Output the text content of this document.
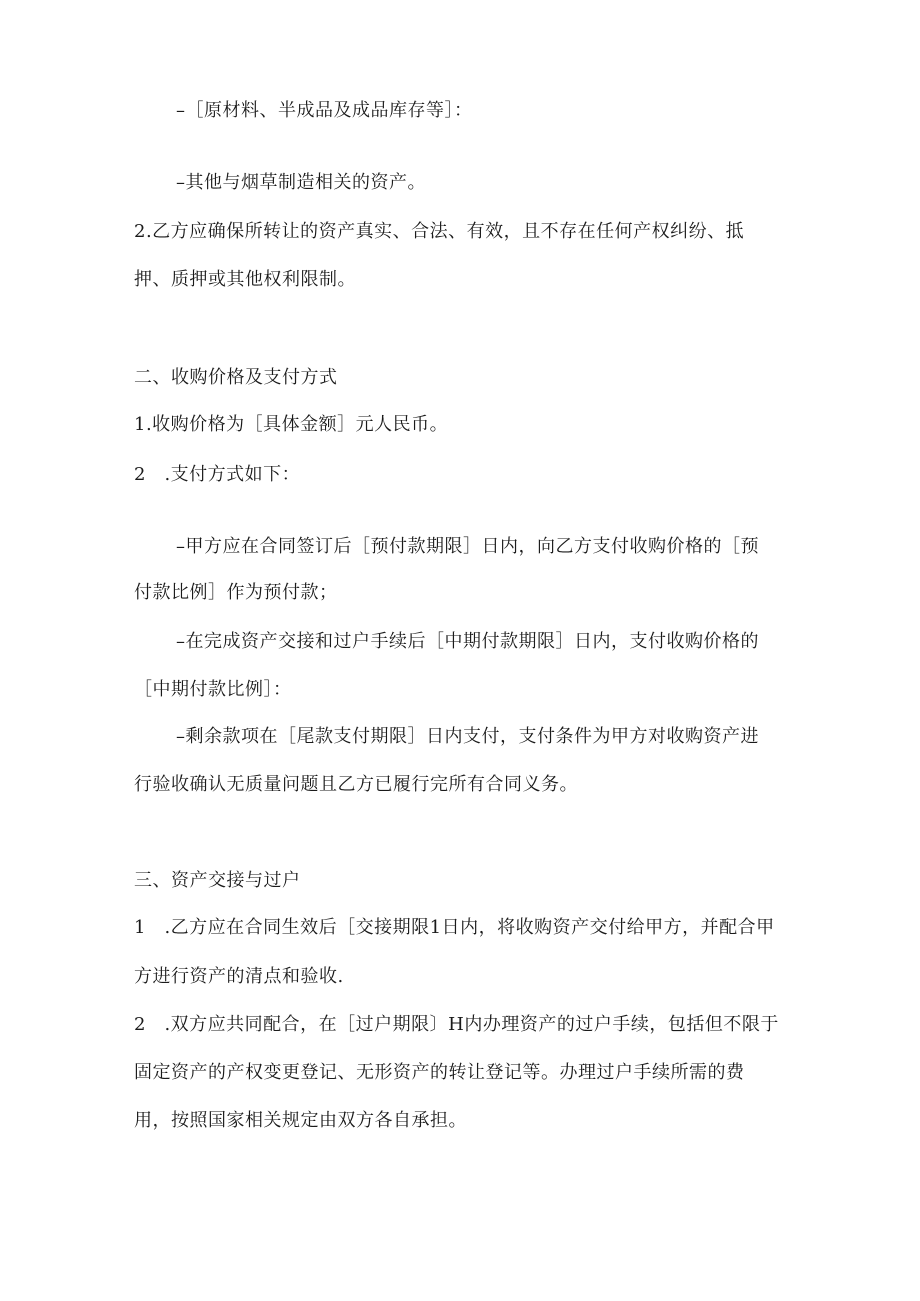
–［原材料、半成品及成品库存等］：
–其他与烟草制造相关的资产。
2.乙方应确保所转让的资产真实、合法、有效，且不存在任何产权纠纷、抵
押、质押或其他权利限制。
二、收购价格及支付方式
1.收购价格为［具体金额］元人民币。
2　.支付方式如下：
–甲方应在合同签订后［预付款期限］日内，向乙方支付收购价格的［预
付款比例］作为预付款；
–在完成资产交接和过户手续后［中期付款期限］日内，支付收购价格的
［中期付款比例］：
–剩余款项在［尾款支付期限］日内支付，支付条件为甲方对收购资产进
行验收确认无质量问题且乙方已履行完所有合同义务。
三、资产交接与过户
1　.乙方应在合同生效后［交接期限1日内，将收购资产交付给甲方，并配合甲
方进行资产的清点和验收.
2　.双方应共同配合，在［过户期限〕H内办理资产的过户手续，包括但不限于
固定资产的产权变更登记、无形资产的转让登记等。办理过户手续所需的费
用，按照国家相关规定由双方各自承担。
